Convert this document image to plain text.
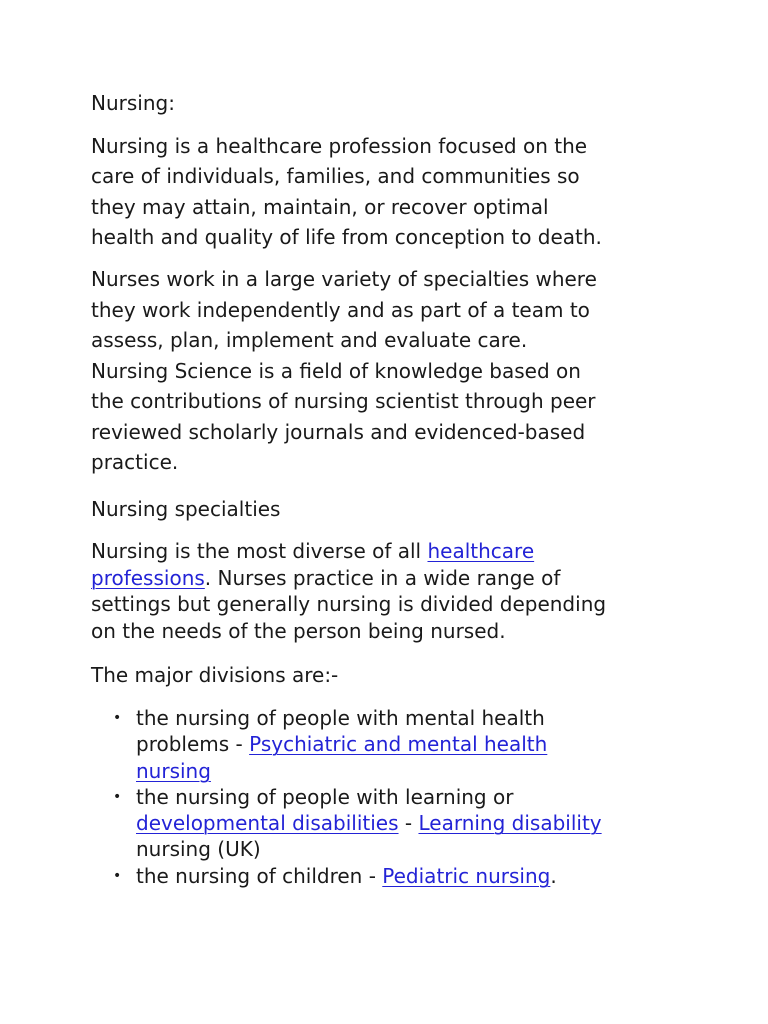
Nursing:

Nursing is a healthcare profession focused on the
care of individuals, families, and communities so
they may attain, maintain, or recover optimal
health and quality of life from conception to death.

Nurses work in a large variety of specialties where
they work independently and as part of a team to
assess, plan, implement and evaluate care.
Nursing Science is a field of knowledge based on
the contributions of nursing scientist through peer
reviewed scholarly journals and evidenced-based
practice.

Nursing specialties

Nursing is the most diverse of all healthcare
professions. Nurses practice in a wide range of
settings but generally nursing is divided depending
on the needs of the person being nursed.

The major divisions are:-

• the nursing of people with mental health
problems - Psychiatric and mental health
nursing
• the nursing of people with learning or
developmental disabilities - Learning disability
nursing (UK)
• the nursing of children - Pediatric nursing.
